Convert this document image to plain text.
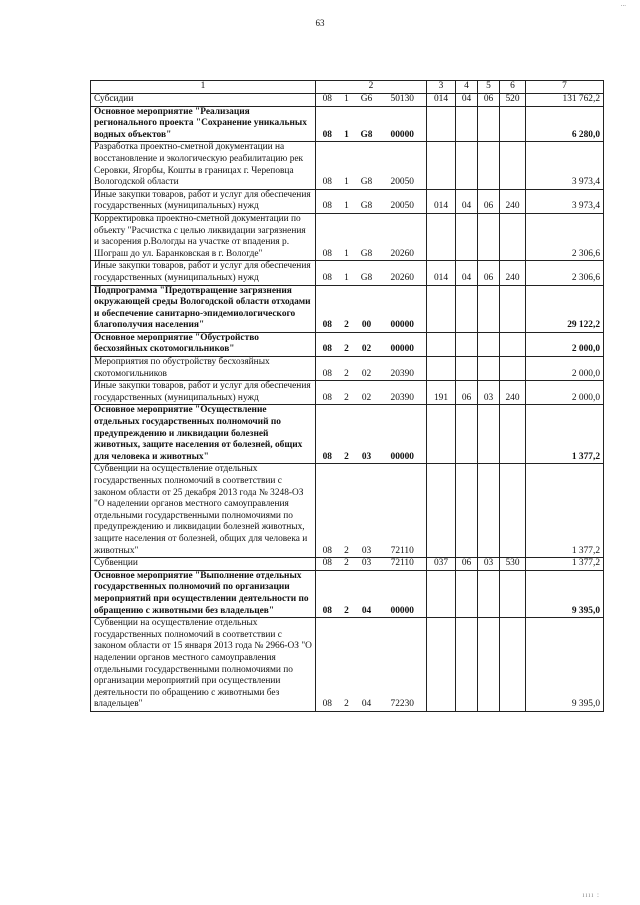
63
...
ıııı :
1	2				3	4	5	6	7
Субсидии	08	1	G6	50130	014	04	06	520	131 762,2
Основное мероприятие "Реализация регионального проекта "Сохранение уникальных водных объектов"	08	1	G8	00000					6 280,0
Разработка проектно-сметной документации на восстановление и экологическую реабилитацию рек Серовки, Ягорбы, Кошты в границах г. Череповца Вологодской области	08	1	G8	20050					3 973,4
Иные закупки товаров, работ и услуг для обеспечения государственных (муниципальных) нужд	08	1	G8	20050	014	04	06	240	3 973,4
Корректировка проектно-сметной документации по объекту "Расчистка с целью ликвидации загрязнения и засорения р.Вологды на участке от впадения р. Шограш до ул. Баранковская в г. Вологде"	08	1	G8	20260					2 306,6
Иные закупки товаров, работ и услуг для обеспечения государственных (муниципальных) нужд	08	1	G8	20260	014	04	06	240	2 306,6
Подпрограмма "Предотвращение загрязнения окружающей среды Вологодской области отходами и обеспечение санитарно-эпидемиологического благополучия населения"	08	2	00	00000					29 122,2
Основное мероприятие "Обустройство бесхозяйных скотомогильников"	08	2	02	00000					2 000,0
Мероприятия по обустройству бесхозяйных скотомогильников	08	2	02	20390					2 000,0
Иные закупки товаров, работ и услуг для обеспечения государственных (муниципальных) нужд	08	2	02	20390	191	06	03	240	2 000,0
Основное мероприятие "Осуществление отдельных государственных полномочий по предупреждению и ликвидации болезней животных, защите населения от болезней, общих для человека и животных"	08	2	03	00000					1 377,2
Субвенции на осуществление отдельных государственных полномочий в соответствии с законом области от 25 декабря 2013 года № 3248-ОЗ "О наделении органов местного самоуправления отдельными государственными полномочиями по предупреждению и ликвидации болезней животных, защите населения от болезней, общих для человека и животных"	08	2	03	72110					1 377,2
Субвенции	08	2	03	72110	037	06	03	530	1 377,2
Основное мероприятие "Выполнение отдельных государственных полномочий по организации мероприятий при осуществлении деятельности по обращению с животными без владельцев"	08	2	04	00000					9 395,0
Субвенции на осуществление отдельных государственных полномочий в соответствии с законом области от 15 января 2013 года № 2966-ОЗ "О наделении органов местного самоуправления отдельными государственными полномочиями по организации мероприятий при осуществлении деятельности по обращению с животными без владельцев"	08	2	04	72230					9 395,0
